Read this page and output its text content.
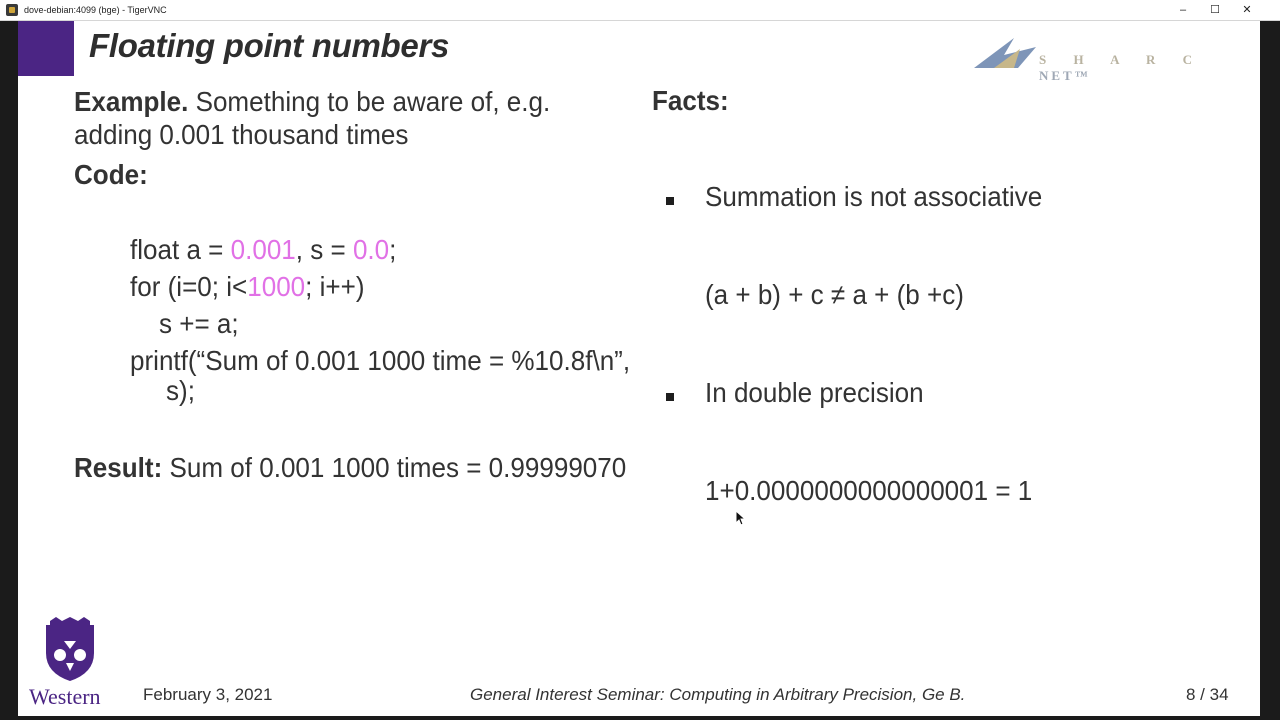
dove-debian:4099 (bge) - TigerVNC	–	☐	✕
Floating point numbers	S H A R C NET™
Example. Something to be aware of, e.g.
adding 0.001 thousand times
Code:
float a = 0.001, s = 0.0;
for (i=0; i<1000; i++)
s += a;
printf(“Sum of 0.001 1000 time = %10.8f\n”,
s);
Result: Sum of 0.001 1000 times = 0.99999070
Facts:
Summation is not associative
(a + b) + c ≠ a + (b +c)
In double precision
1+0.0000000000000001 = 1
Western February 3, 2021	General Interest Seminar: Computing in Arbitrary Precision, Ge B.	8 / 34
